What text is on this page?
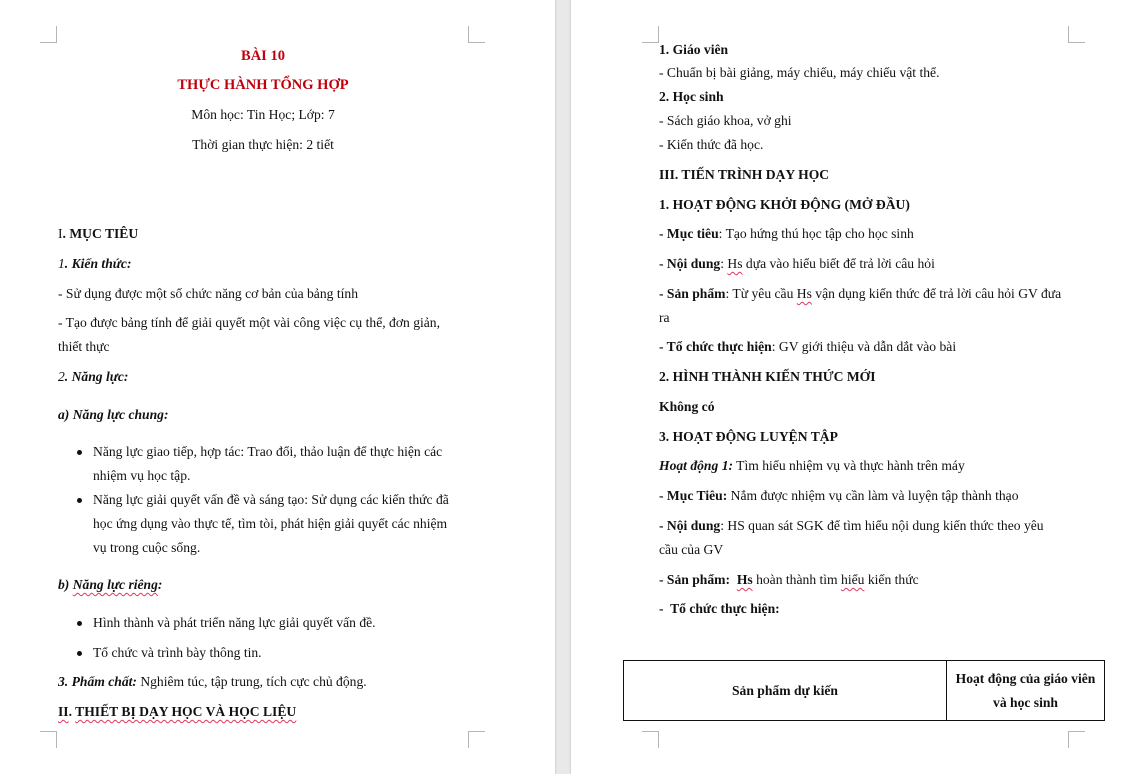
BÀI 10
THỰC HÀNH TỔNG HỢP
Môn học: Tin Học; Lớp: 7
Thời gian thực hiện: 2 tiết
I. MỤC TIÊU
1. Kiến thức:
- Sử dụng được một số chức năng cơ bản của bảng tính
- Tạo được bảng tính để giải quyết một vài công việc cụ thể, đơn giản,
thiết thực
2. Năng lực:
a) Năng lực chung:
Năng lực giao tiếp, hợp tác: Trao đổi, thảo luận để thực hiện các
nhiệm vụ học tập.
Năng lực giải quyết vấn đề và sáng tạo: Sử dụng các kiến thức đã
học ứng dụng vào thực tế, tìm tòi, phát hiện giải quyết các nhiệm
vụ trong cuộc sống.
b) Năng lực riêng:
Hình thành và phát triển năng lực giải quyết vấn đề.
Tổ chức và trình bày thông tin.
3. Phẩm chất: Nghiêm túc, tập trung, tích cực chủ động.
II. THIẾT BỊ DẠY HỌC VÀ HỌC LIỆU
1. Giáo viên
- Chuẩn bị bài giảng, máy chiếu, máy chiếu vật thể.
2. Học sinh
- Sách giáo khoa, vở ghi
- Kiến thức đã học.
III. TIẾN TRÌNH DẠY HỌC
1. HOẠT ĐỘNG KHỞI ĐỘNG (MỞ ĐẦU)
- Mục tiêu: Tạo hứng thú học tập cho học sinh
- Nội dung: Hs dựa vào hiểu biết để trả lời câu hỏi
- Sản phẩm: Từ yêu cầu Hs vận dụng kiến thức để trả lời câu hỏi GV đưa
ra
- Tổ chức thực hiện: GV giới thiệu và dẫn dắt vào bài
2. HÌNH THÀNH KIẾN THỨC MỚI
Không có
3. HOẠT ĐỘNG LUYỆN TẬP
Hoạt động 1: Tìm hiểu nhiệm vụ và thực hành trên máy
- Mục Tiêu: Nắm được nhiệm vụ cần làm và luyện tập thành thạo
- Nội dung: HS quan sát SGK để tìm hiểu nội dung kiến thức theo yêu
cầu của GV
- Sản phẩm: Hs hoàn thành tìm hiểu kiến thức
-  Tổ chức thực hiện:
Sản phẩm dự kiến
Hoạt động của giáo viên
và học sinh
